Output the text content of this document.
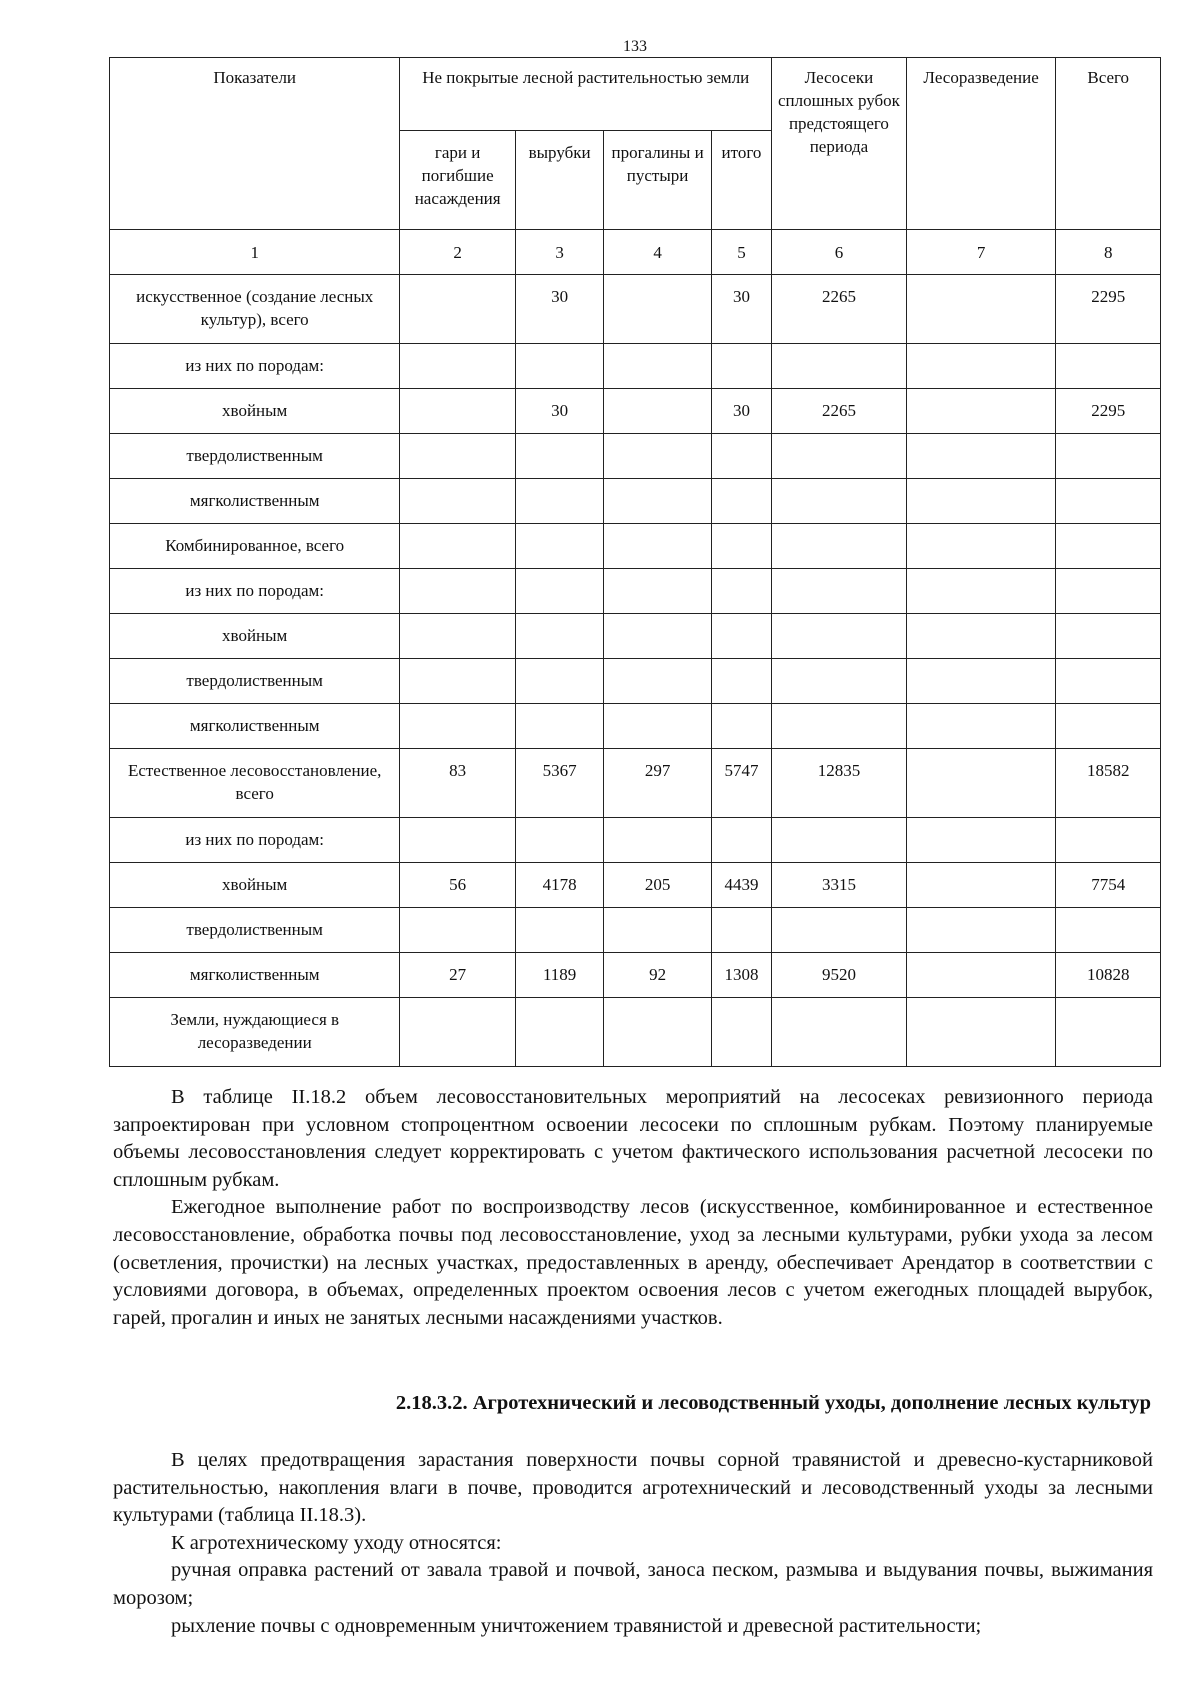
133
Показатели	Не покрытые лесной растительностью земли				Лесосеки сплошных рубок предстоящего периода	Лесоразведение	Всего
	гари и погибшие насаждения	вырубки	прогалины и пустыри	итого			
1	2	3	4	5	6	7	8
искусственное (создание лесных культур), всего		30		30	2265		2295
из них по породам:							
хвойным		30		30	2265		2295
твердолиственным							
мягколиственным							
Комбинированное, всего							
из них по породам:							
хвойным							
твердолиственным							
мягколиственным							
Естественное лесовосстановление, всего	83	5367	297	5747	12835		18582
из них по породам:							
хвойным	56	4178	205	4439	3315		7754
твердолиственным							
мягколиственным	27	1189	92	1308	9520		10828
Земли, нуждающиеся в лесоразведении							

В таблице II.18.2 объем лесовосстановительных мероприятий на лесосеках ревизионного периода запроектирован при условном стопроцентном освоении лесосеки по сплошным рубкам. Поэтому планируемые объемы лесовосстановления следует корректировать с учетом фактического использования расчетной лесосеки по сплошным рубкам.

Ежегодное выполнение работ по воспроизводству лесов (искусственное, комбинированное и естественное лесовосстановление, обработка почвы под лесовосстановление, уход за лесными культурами, рубки ухода за лесом (осветления, прочистки) на лесных участках, предоставленных в аренду, обеспечивает Арендатор в соответствии с условиями договора, в объемах, определенных проектом освоения лесов с учетом ежегодных площадей вырубок, гарей, прогалин и иных не занятых лесными насаждениями участков.

2.18.3.2. Агротехнический и лесоводственный уходы, дополнение лесных культур

В целях предотвращения зарастания поверхности почвы сорной травянистой и древесно-кустарниковой растительностью, накопления влаги в почве, проводится агротехнический и лесоводственный уходы за лесными культурами (таблица II.18.3).

К агротехническому уходу относятся:

ручная оправка растений от завала травой и почвой, заноса песком, размыва и выдувания почвы, выжимания морозом;

рыхление почвы с одновременным уничтожением травянистой и древесной растительности;
